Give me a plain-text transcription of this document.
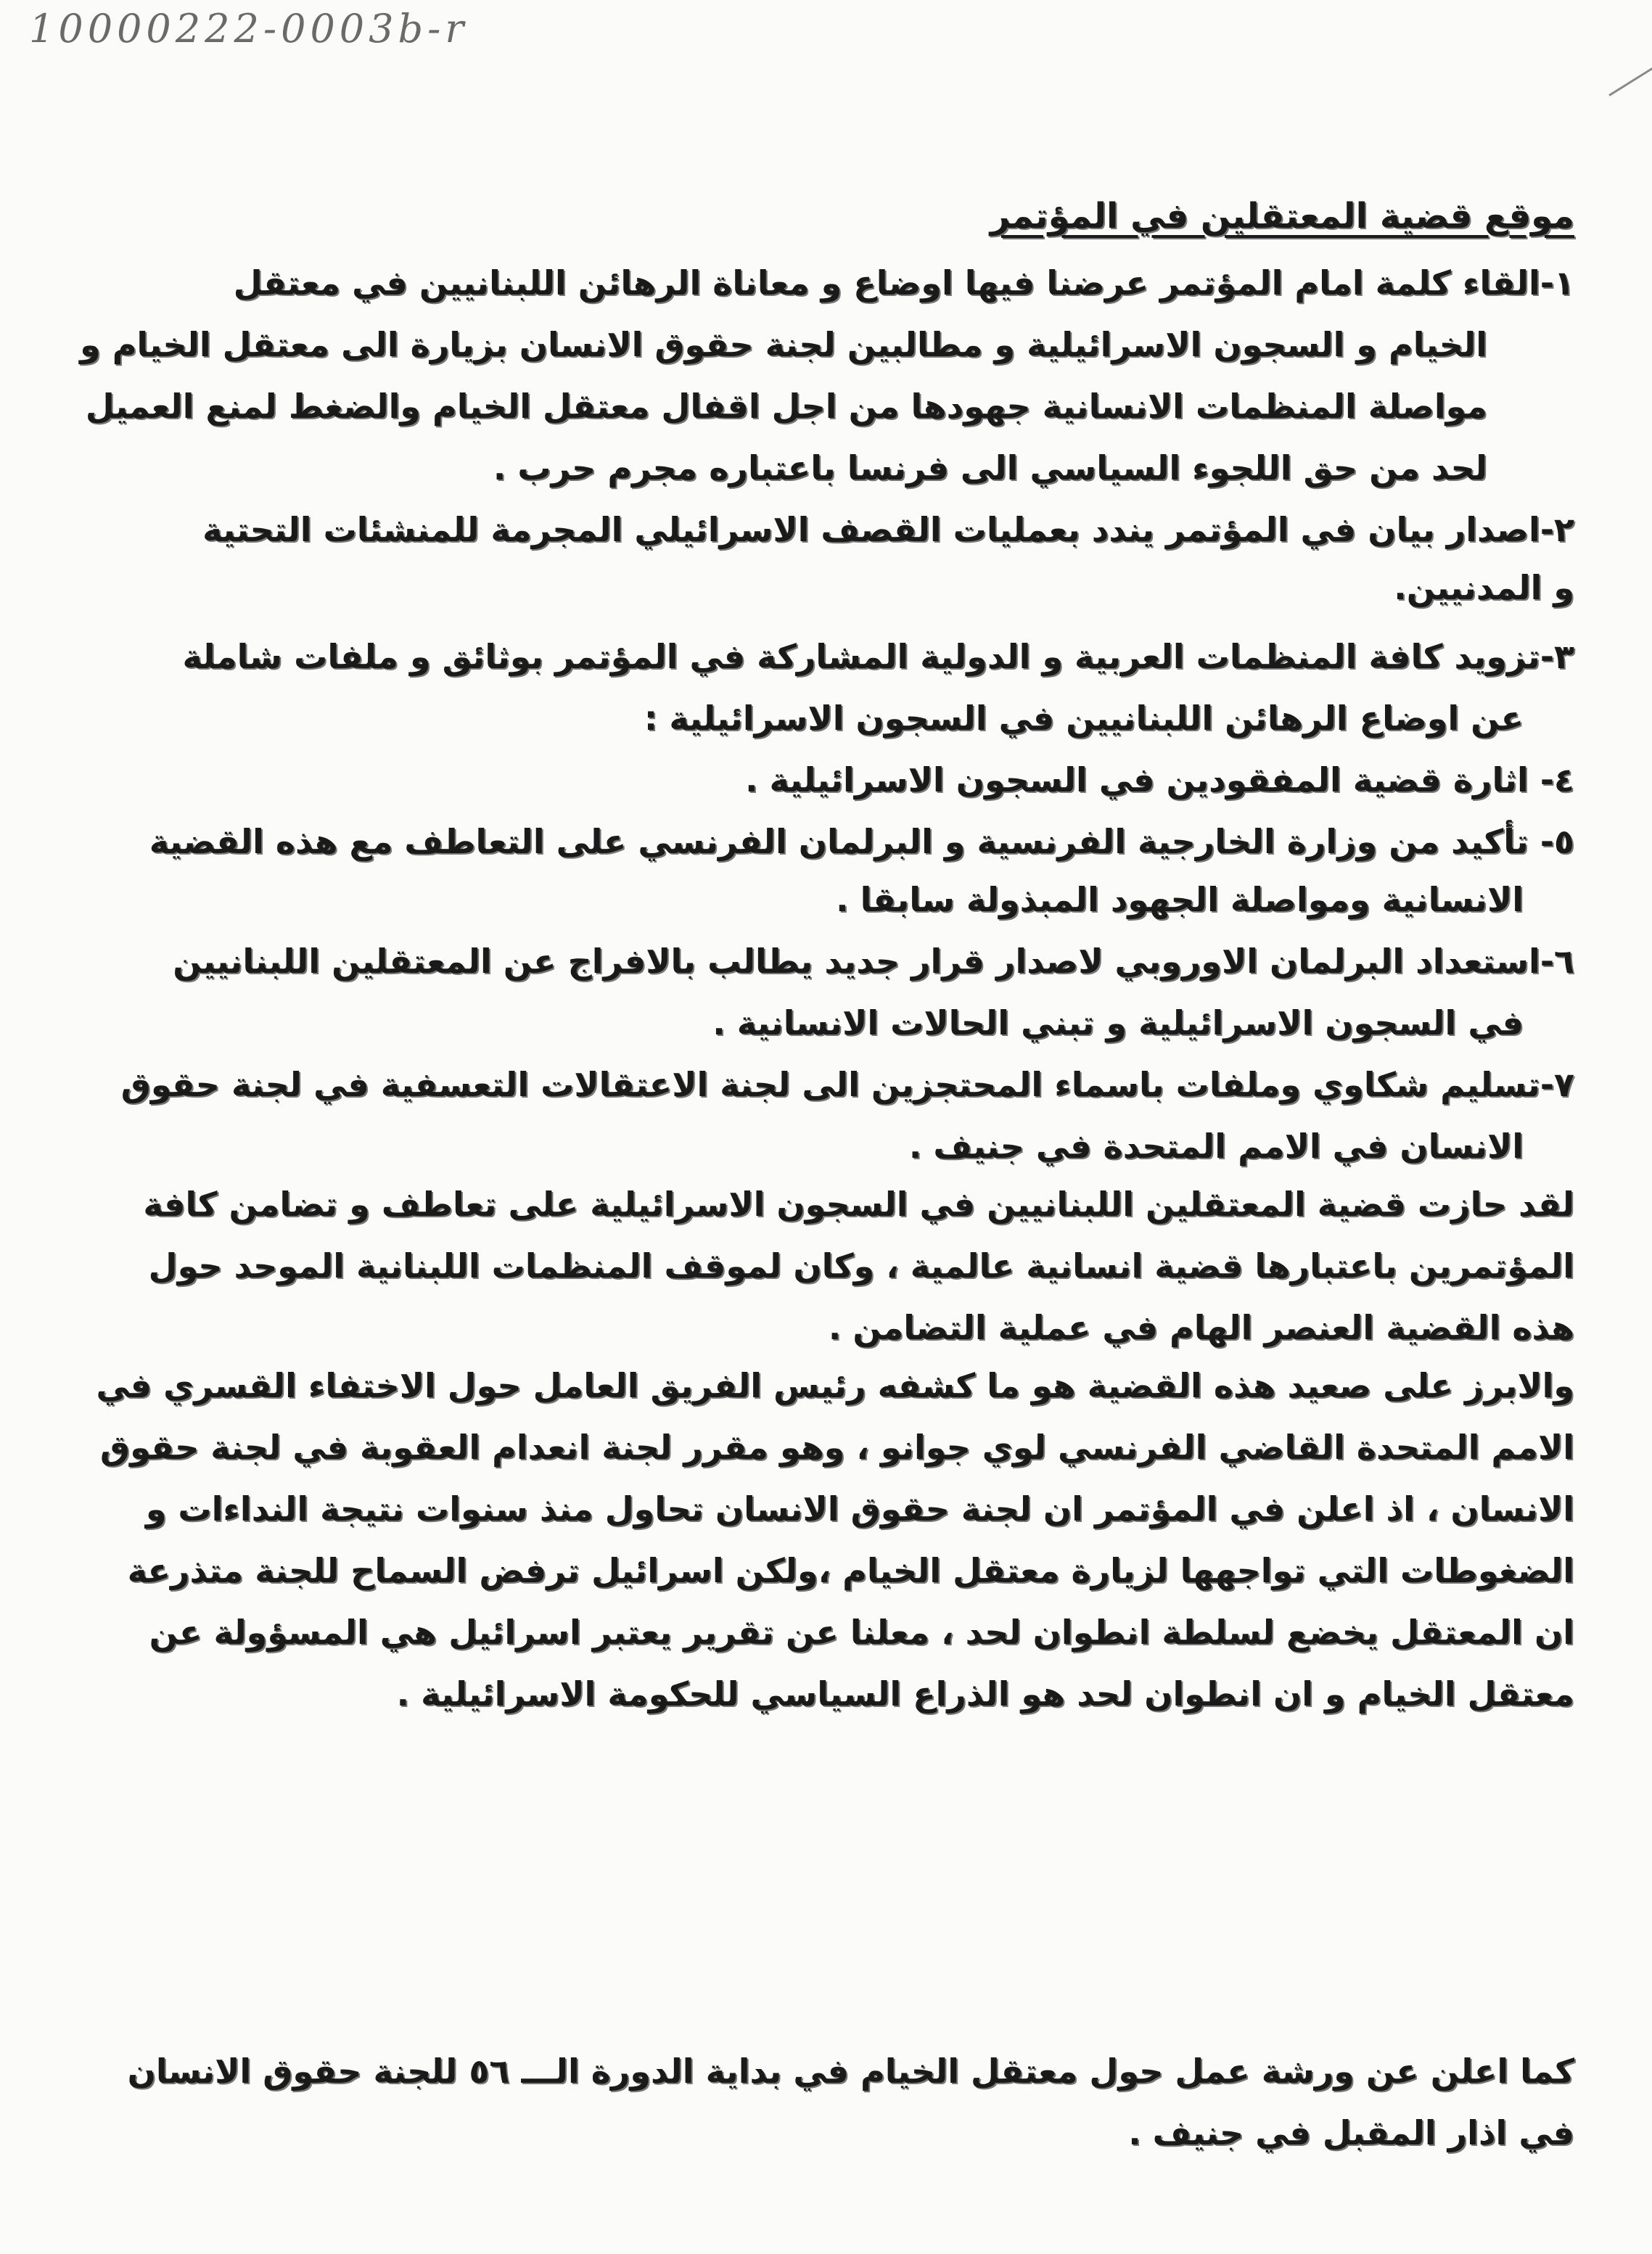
10000222-0003b-r
موقع قضية المعتقلين في المؤتمر
١-القاء كلمة امام المؤتمر عرضنا فيها اوضاع و معاناة الرهائن اللبنانيين في معتقل
الخيام و السجون الاسرائيلية و مطالبين لجنة حقوق الانسان بزيارة الى معتقل الخيام و
مواصلة المنظمات الانسانية جهودها من اجل اقفال معتقل الخيام والضغط لمنع العميل
لحد من حق اللجوء السياسي الى فرنسا باعتباره مجرم حرب .
٢-اصدار بيان في المؤتمر يندد بعمليات القصف الاسرائيلي المجرمة للمنشئات التحتية
و المدنيين.
٣-تزويد كافة المنظمات العربية و الدولية المشاركة في المؤتمر بوثائق و ملفات شاملة
عن اوضاع الرهائن اللبنانيين في السجون الاسرائيلية :
٤- اثارة قضية المفقودين في السجون الاسرائيلية .
٥- تأكيد من وزارة الخارجية الفرنسية و البرلمان الفرنسي على التعاطف مع هذه القضية
الانسانية ومواصلة الجهود المبذولة سابقا .
٦-استعداد البرلمان الاوروبي لاصدار قرار جديد يطالب بالافراج عن المعتقلين اللبنانيين
في السجون الاسرائيلية و تبني الحالات الانسانية .
٧-تسليم شكاوي وملفات باسماء المحتجزين الى لجنة الاعتقالات التعسفية في لجنة حقوق
الانسان في الامم المتحدة في جنيف .
لقد حازت قضية المعتقلين اللبنانيين في السجون الاسرائيلية على تعاطف و تضامن كافة
المؤتمرين باعتبارها قضية انسانية عالمية ، وكان لموقف المنظمات اللبنانية الموحد حول
هذه القضية العنصر الهام في عملية التضامن .
والابرز على صعيد هذه القضية هو ما كشفه رئيس الفريق العامل حول الاختفاء القسري في
الامم المتحدة القاضي الفرنسي لوي جوانو ، وهو مقرر لجنة انعدام العقوبة في لجنة حقوق
الانسان ، اذ اعلن في المؤتمر ان لجنة حقوق الانسان تحاول منذ سنوات نتيجة النداءات و
الضغوطات التي تواجهها لزيارة معتقل الخيام ،ولكن اسرائيل ترفض السماح للجنة متذرعة
ان المعتقل يخضع لسلطة انطوان لحد ، معلنا عن تقرير يعتبر اسرائيل هي المسؤولة عن
معتقل الخيام و ان انطوان لحد هو الذراع السياسي للحكومة الاسرائيلية .
كما اعلن عن ورشة عمل حول معتقل الخيام في بداية الدورة الـــ ٥٦ للجنة حقوق الانسان
في اذار المقبل في جنيف .
